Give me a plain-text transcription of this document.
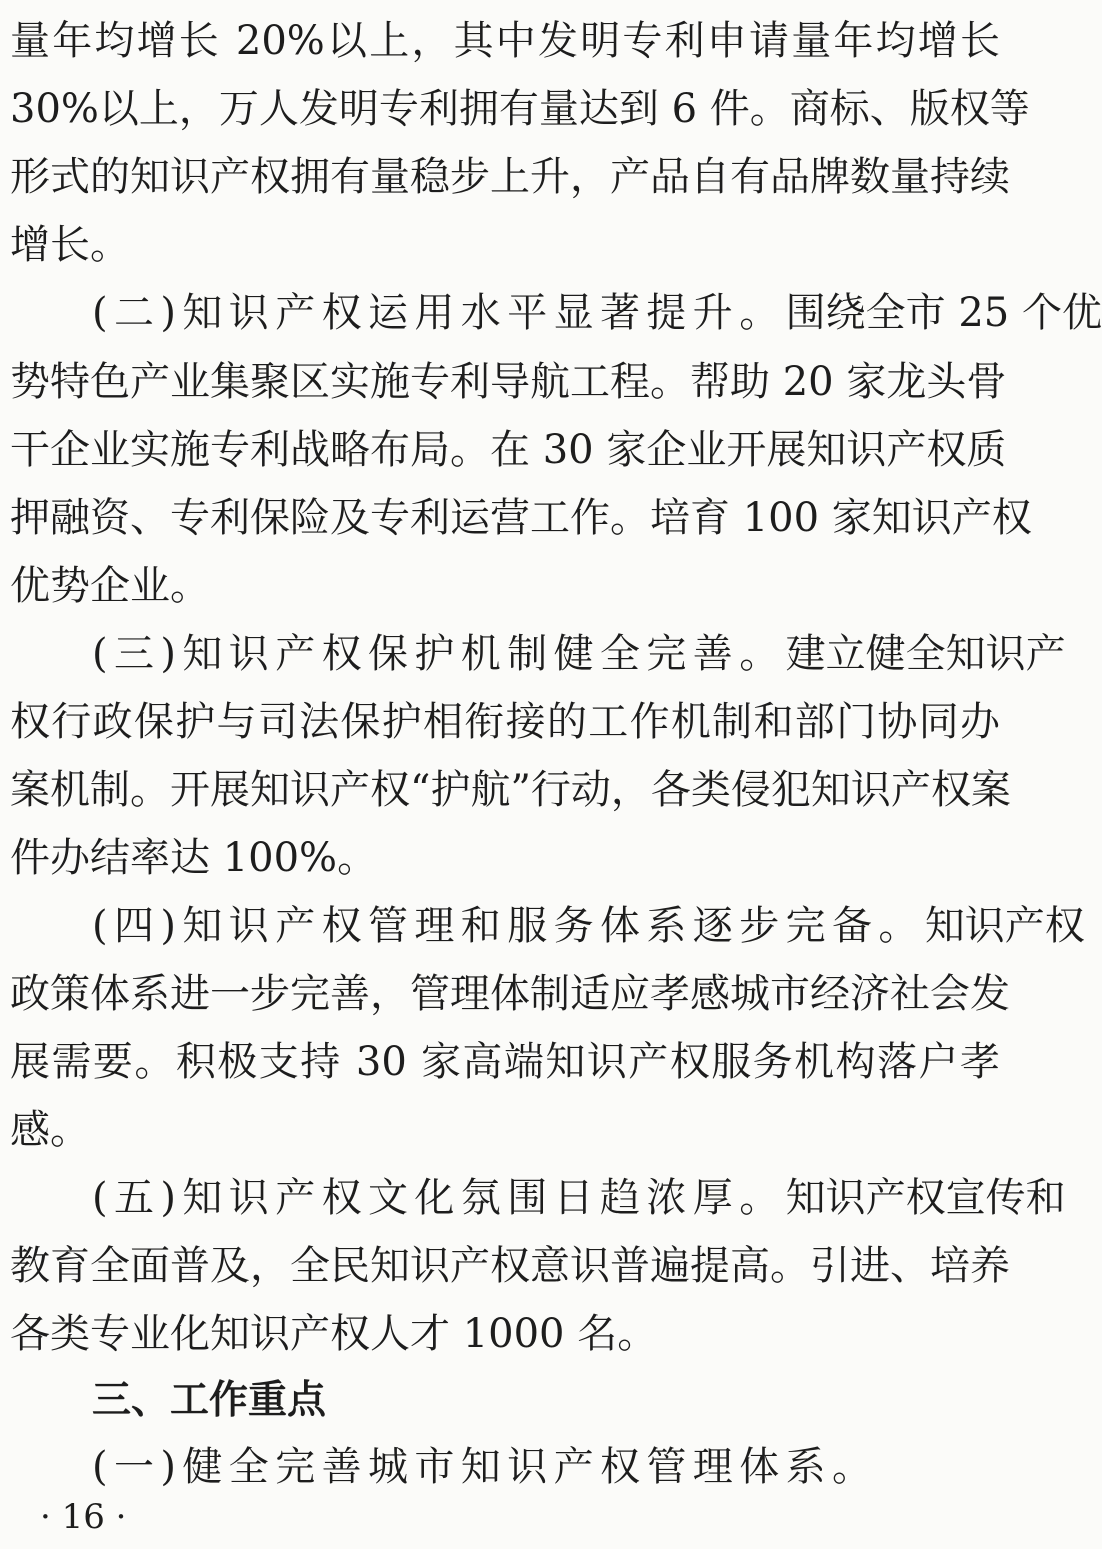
量年均增长 20%以上，其中发明专利申请量年均增长
30%以上，万人发明专利拥有量达到 6 件。商标、版权等
形式的知识产权拥有量稳步上升，产品自有品牌数量持续
增长。
(二)知识产权运用水平显著提升。围绕全市 25 个优
势特色产业集聚区实施专利导航工程。帮助 20 家龙头骨
干企业实施专利战略布局。在 30 家企业开展知识产权质
押融资、专利保险及专利运营工作。培育 100 家知识产权
优势企业。
(三)知识产权保护机制健全完善。建立健全知识产
权行政保护与司法保护相衔接的工作机制和部门协同办
案机制。开展知识产权“护航”行动，各类侵犯知识产权案
件办结率达 100%。
(四)知识产权管理和服务体系逐步完备。知识产权
政策体系进一步完善，管理体制适应孝感城市经济社会发
展需要。积极支持 30 家高端知识产权服务机构落户孝
感。
(五)知识产权文化氛围日趋浓厚。知识产权宣传和
教育全面普及，全民知识产权意识普遍提高。引进、培养
各类专业化知识产权人才 1000 名。
三、工作重点
(一)健全完善城市知识产权管理体系。
· 16 ·
